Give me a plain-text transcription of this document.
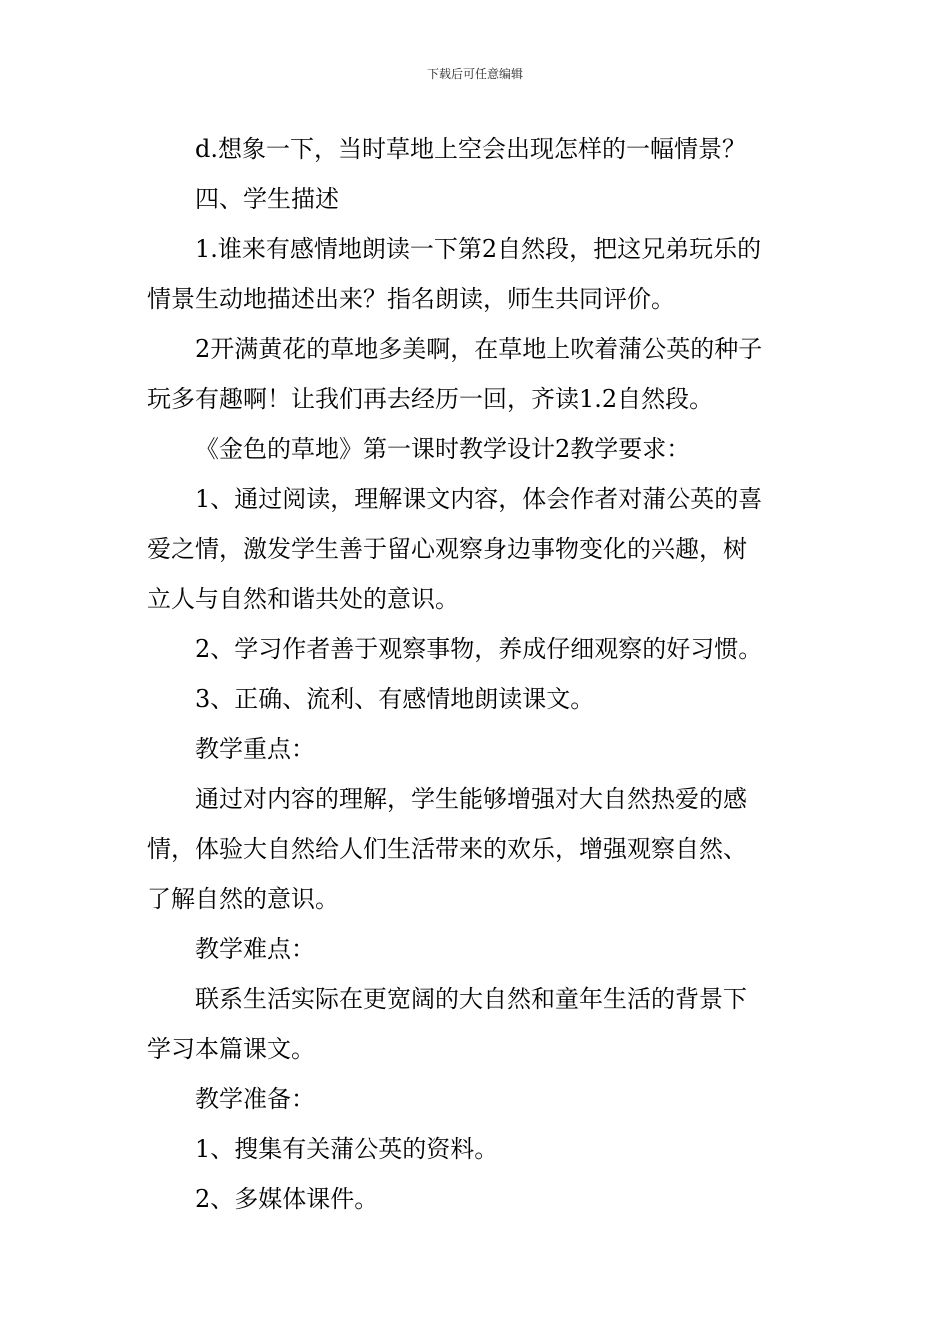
下载后可任意编辑

d.想象一下，当时草地上空会出现怎样的一幅情景？

四、学生描述

1.谁来有感情地朗读一下第2自然段，把这兄弟玩乐的

情景生动地描述出来？指名朗读，师生共同评价。

2开满黄花的草地多美啊，在草地上吹着蒲公英的种子

玩多有趣啊！让我们再去经历一回，齐读1.2自然段。

《金色的草地》第一课时教学设计2教学要求：

1、通过阅读，理解课文内容，体会作者对蒲公英的喜

爱之情，激发学生善于留心观察身边事物变化的兴趣，树

立人与自然和谐共处的意识。

2、学习作者善于观察事物，养成仔细观察的好习惯。

3、正确、流利、有感情地朗读课文。

教学重点：

通过对内容的理解，学生能够增强对大自然热爱的感

情，体验大自然给人们生活带来的欢乐，增强观察自然、

了解自然的意识。

教学难点：

联系生活实际在更宽阔的大自然和童年生活的背景下

学习本篇课文。

教学准备：

1、搜集有关蒲公英的资料。

2、多媒体课件。
